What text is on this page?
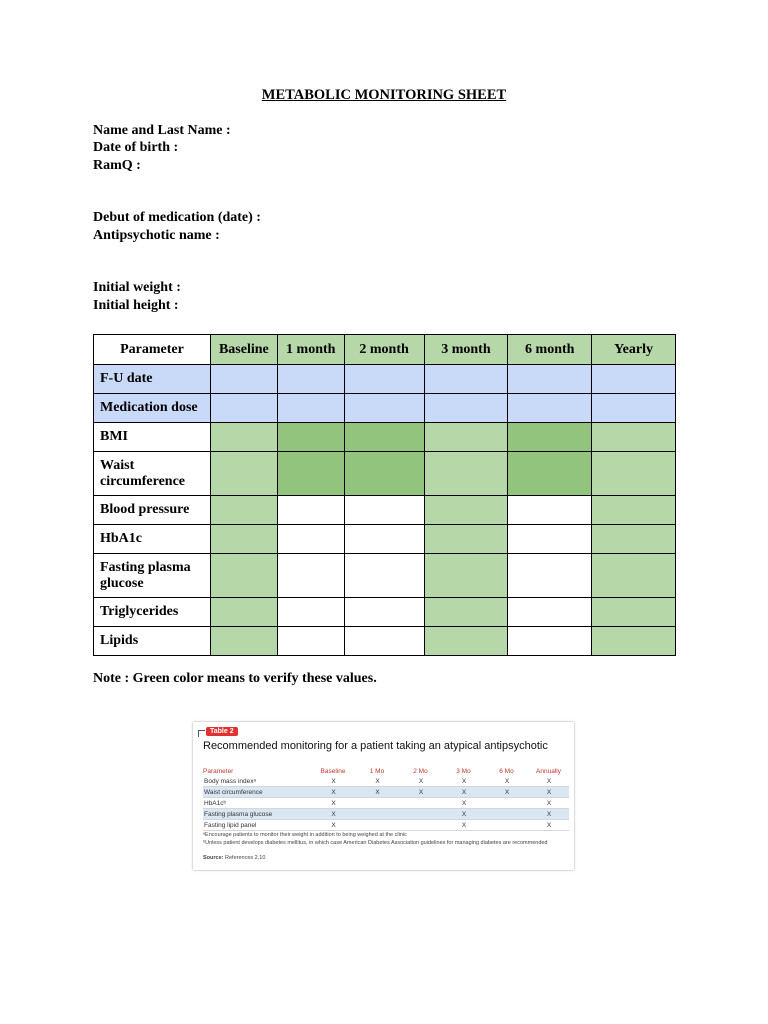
METABOLIC MONITORING SHEET
Name and Last Name :
Date of birth :
RamQ :
Debut of medication (date) :
Antipsychotic name :
Initial weight :
Initial height :
Parameter	Baseline	1 month	2 month	3 month	6 month	Yearly
F-U date						
Medication dose						
BMI						
Waist circumference						
Blood pressure						
HbA1c						
Fasting plasma glucose						
Triglycerides						
Lipids						
Note : Green color means to verify these values.
Table 2
Recommended monitoring for a patient taking an atypical antipsychotic
Parameter	Baseline	1 Mo	2 Mo	3 Mo	6 Mo	Annually
Body mass indexᵃ	X	X	X	X	X	X
Waist circumference	X	X	X	X	X	X
HbA1cᵇ	X			X		X
Fasting plasma glucose	X			X		X
Fasting lipid panel	X			X		X
ᵃEncourage patients to monitor their weight in addition to being weighed at the clinic
ᵇUnless patient develops diabetes mellitus, in which case American Diabetes Association guidelines for managing diabetes are recommended
Source: References 2,10
